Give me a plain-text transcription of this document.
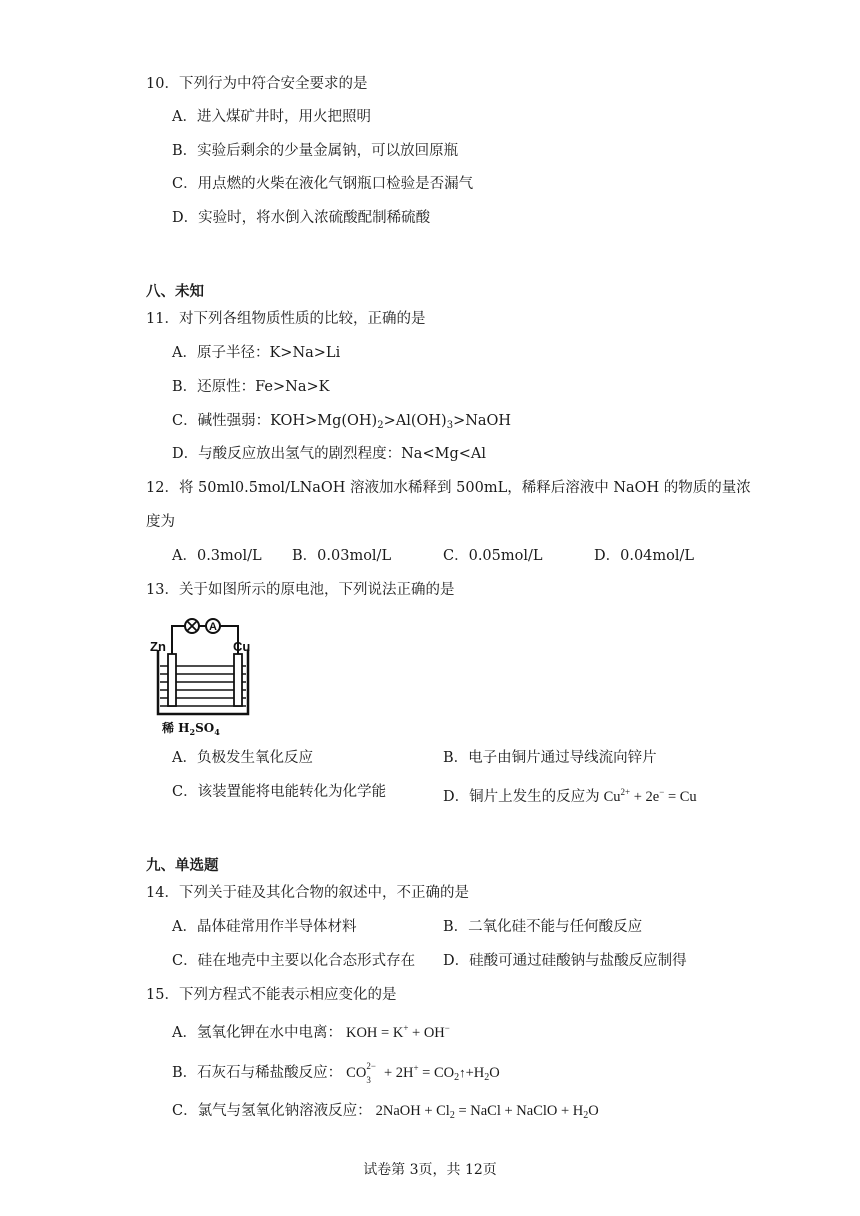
10．下列行为中符合安全要求的是
A．进入煤矿井时，用火把照明
B．实验后剩余的少量金属钠，可以放回原瓶
C．用点燃的火柴在液化气钢瓶口检验是否漏气
D．实验时，将水倒入浓硫酸配制稀硫酸
八、未知
11．对下列各组物质性质的比较，正确的是
A．原子半径：K>Na>Li
B．还原性：Fe>Na>K
C．碱性强弱：$KOH>Mg(OH)_2>Al(OH)_3>NaOH$
D．与酸反应放出氢气的剧烈程度：Na<Mg<Al
12．将 50ml0.5mol/LNaOH 溶液加水稀释到 500mL，稀释后溶液中 NaOH 的物质的量浓
度为
A．0.3mol/L B．0.03mol/L	C．0.05mol/L	D．0.04mol/L
13．关于如图所示的原电池，下列说法正确的是
A
Zn	Cu
稀 $H_2SO_4$
A．负极发生氧化反应	B．电子由铜片通过导线流向锌片
C．该装置能将电能转化为化学能	D．铜片上发生的反应为 $Cu^{2+} + 2e^- = Cu$
九、单选题
14．下列关于硅及其化合物的叙述中，不正确的是
A．晶体硅常用作半导体材料	B．二氧化硅不能与任何酸反应
C．硅在地壳中主要以化合态形式存在 D．硅酸可通过硅酸钠与盐酸反应制得
15．下列方程式不能表示相应变化的是
A．氢氧化钾在水中电离： KOH = K+ + OH−
B．石灰石与稀盐酸反应： CO 2−
$3 + 2H^+ = CO_2↑+H_2O$
C．氯气与氢氧化钠溶液反应： 2NaOH + $Cl_2$ = NaCl + NaClO + $H_2O$
试卷第 3页，共 12页
